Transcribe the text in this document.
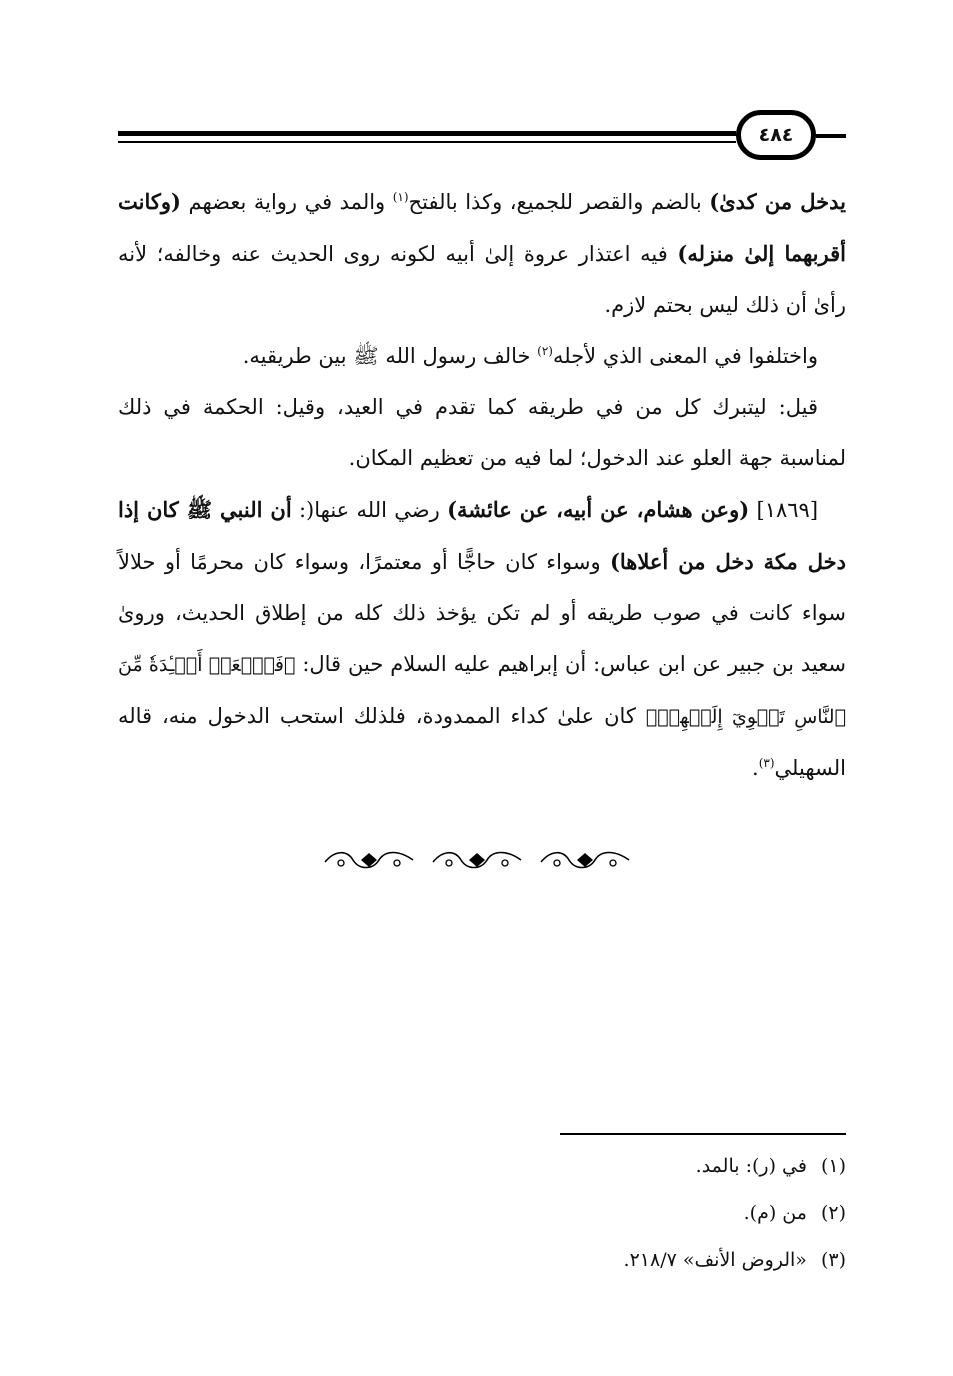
٤٨٤

يدخل من كدىٰ) بالضم والقصر للجميع، وكذا بالفتح$^{(١)}$ والمد في رواية بعضهم (وكانت أقربهما إلىٰ منزله) فيه اعتذار عروة إلىٰ أبيه لكونه روى الحديث عنه وخالفه؛ لأنه رأىٰ أن ذلك ليس بحتم لازم.

واختلفوا في المعنى الذي لأجله$^{(٢)}$ خالف رسول الله ﷺ بين طريقيه.

قيل: ليتبرك كل من في طريقه كما تقدم في العيد، وقيل: الحكمة في ذلك لمناسبة جهة العلو عند الدخول؛ لما فيه من تعظيم المكان.

[١٨٦٩] (وعن هشام، عن أبيه، عن عائشة) رضي الله عنها(: أن النبي ﷺ كان إذا دخل مكة دخل من أعلاها) وسواء كان حاجًّا أو معتمرًا، وسواء كان محرمًا أو حلالاً سواء كانت في صوب طريقه أو لم تكن يؤخذ ذلك كله من إطلاق الحديث، وروىٰ سعيد بن جبير عن ابن عباس: أن إبراهيم عليه السلام حين قال: ﴿فَٱجۡعَلۡ أَفۡـِٔدَةٗ مِّنَ ٱلنَّاسِ تَهۡوِيٓ إِلَيۡهِمۡ﴾ كان علىٰ كداء الممدودة، فلذلك استحب الدخول منه، قاله السهيلي$^{(٣)}$.

(١)في (ر): بالمد.
(٢)من (م).
(٣)«الروض الأنف» ٢١٨/٧.
